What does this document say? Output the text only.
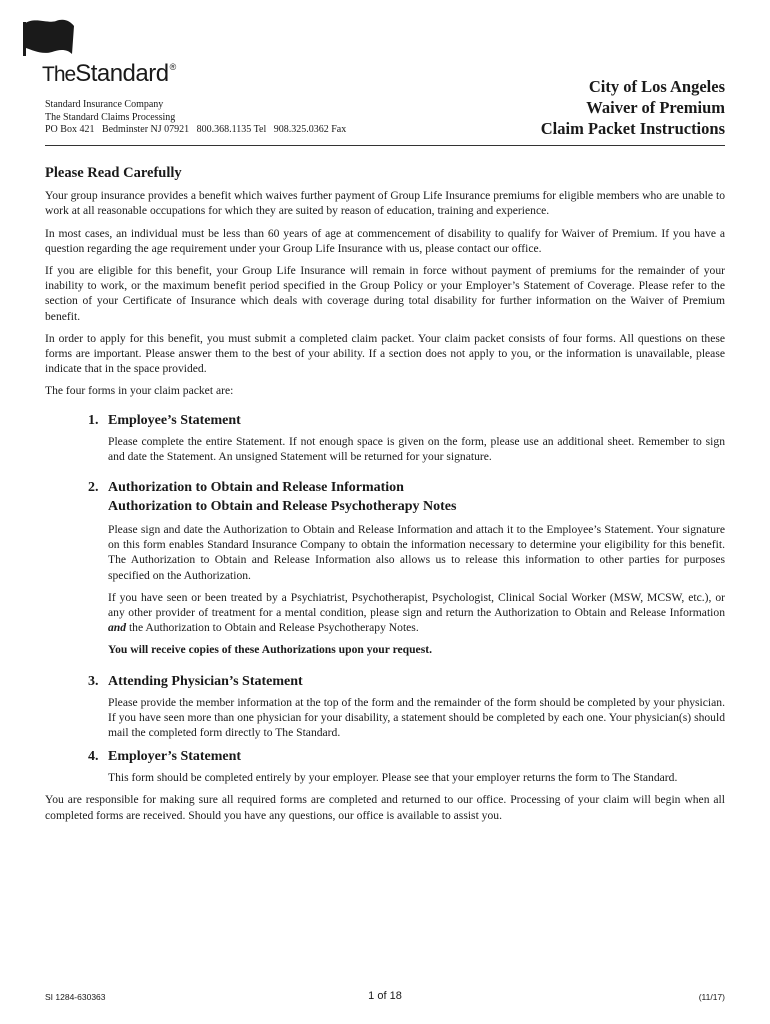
TheStandard®
Standard Insurance Company
The Standard Claims Processing
PO Box 421   Bedminster NJ 07921   800.368.1135 Tel   908.325.0362 Fax
City of Los Angeles
Waiver of Premium
Claim Packet Instructions
Please Read Carefully

Your group insurance provides a benefit which waives further payment of Group Life Insurance premiums for eligible members who are unable to work at all reasonable occupations for which they are suited by reason of education, training and experience.

In most cases, an individual must be less than 60 years of age at commencement of disability to qualify for Waiver of Premium. If you have a question regarding the age requirement under your Group Life Insurance with us, please contact our office.

If you are eligible for this benefit, your Group Life Insurance will remain in force without payment of premiums for the remainder of your inability to work, or the maximum benefit period specified in the Group Policy or your Employer’s Statement of Coverage. Please refer to the section of your Certificate of Insurance which deals with coverage during total disability for further information on the Waiver of Premium benefit.

In order to apply for this benefit, you must submit a completed claim packet. Your claim packet consists of four forms. All questions on these forms are important. Please answer them to the best of your ability. If a section does not apply to you, or the information is unavailable, please indicate that in the space provided.

The four forms in your claim packet are:

1. Employee’s Statement

Please complete the entire Statement. If not enough space is given on the form, please use an additional sheet. Remember to sign and date the Statement. An unsigned Statement will be returned for your signature.

2. Authorization to Obtain and Release Information
Authorization to Obtain and Release Psychotherapy Notes

Please sign and date the Authorization to Obtain and Release Information and attach it to the Employee’s Statement. Your signature on this form enables Standard Insurance Company to obtain the information necessary to determine your eligibility for this benefit. The Authorization to Obtain and Release Information also allows us to release this information to other parties for purposes specified on the Authorization.

If you have seen or been treated by a Psychiatrist, Psychotherapist, Psychologist, Clinical Social Worker (MSW, MCSW, etc.), or any other provider of treatment for a mental condition, please sign and return the Authorization to Obtain and Release Information and the Authorization to Obtain and Release Psychotherapy Notes.

You will receive copies of these Authorizations upon your request.

3. Attending Physician’s Statement

Please provide the member information at the top of the form and the remainder of the form should be completed by your physician. If you have seen more than one physician for your disability, a statement should be completed by each one. Your physician(s) should mail the completed form directly to The Standard.

4. Employer’s Statement

This form should be completed entirely by your employer. Please see that your employer returns the form to The Standard.

You are responsible for making sure all required forms are completed and returned to our office. Processing of your claim will begin when all completed forms are received. Should you have any questions, our office is available to assist you.

SI 1284-630363	1 of 18	(11/17)
